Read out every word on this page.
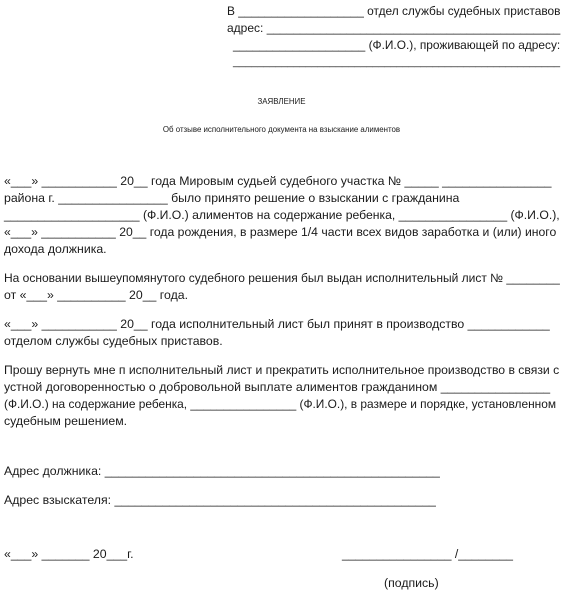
В ___________________ отдел службы судебных приставов
адрес: ____________________________________________
____________________ (Ф.И.О.), проживающей по адресу:
______________________________________________________
ЗАЯВЛЕНИЕ
Об отзыве исполнительного документа на взыскание алиментов
«___» ___________ 20__ года Мировым судьей судебного участка № _____ ________________
района г. ________________ было принято решение о взыскании с гражданина
____________________ (Ф.И.О.) алиментов на содержание ребенка, ________________ (Ф.И.О.),
«___» ___________ 20__ года рождения, в размере 1/4 части всех видов заработка и (или) иного
дохода должника.
На основании вышеупомянутого судебного решения был выдан исполнительный лист № ________
от «___» __________ 20__ года.
«___» ___________ 20__ года исполнительный лист был принят в производство ____________
отделом службы судебных приставов.
Прошу вернуть мне п исполнительный лист и прекратить исполнительное производство в связи с
устной договоренностью о добровольной выплате алиментов гражданином ________________
(Ф.И.О.) на содержание ребенка, ________________ (Ф.И.О.), в размере и порядке, установленном
судебным решением.
Адрес должника: _________________________________________________
Адрес взыскателя: _______________________________________________
«___» _______ 20___г.	________________ /________
(подпись)
